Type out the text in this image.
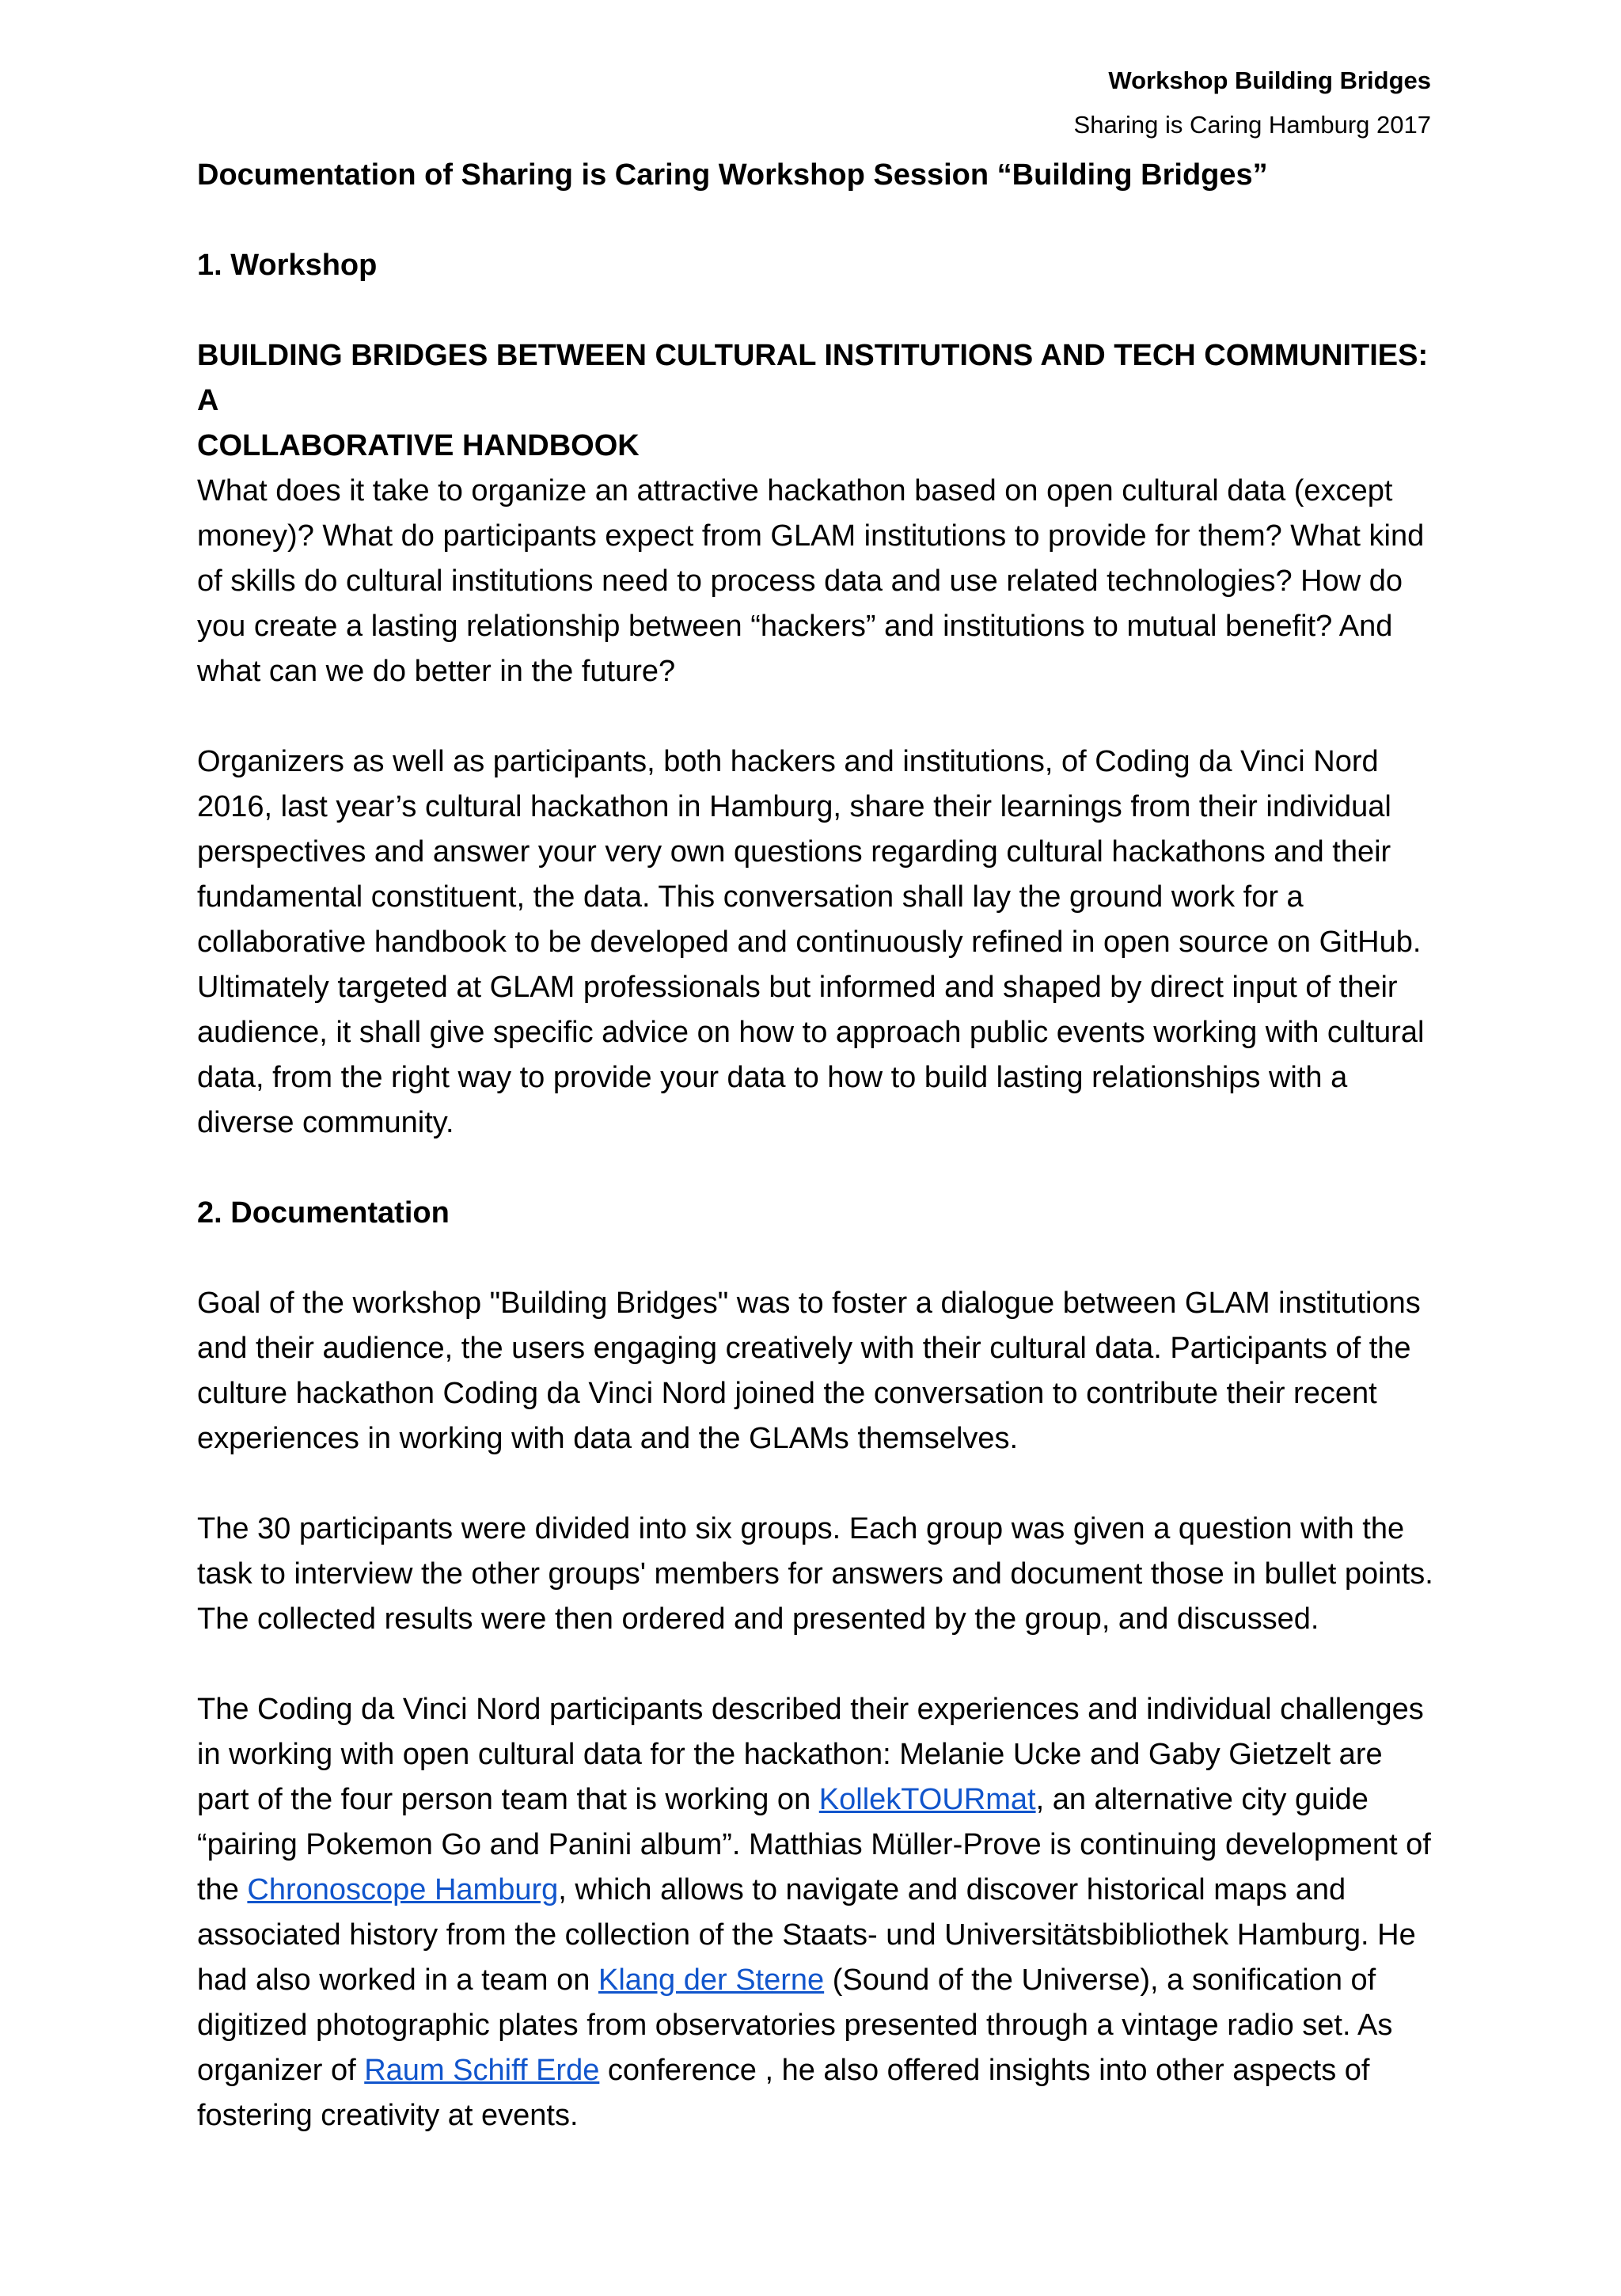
Workshop Building Bridges
Sharing is Caring Hamburg 2017

Documentation of Sharing is Caring Workshop Session “Building Bridges”

1. Workshop

BUILDING BRIDGES BETWEEN CULTURAL INSTITUTIONS AND TECH COMMUNITIES: A
COLLABORATIVE HANDBOOK

What does it take to organize an attractive hackathon based on open cultural data (except money)? What do participants expect from GLAM institutions to provide for them? What kind of skills do cultural institutions need to process data and use related technologies? How do you create a lasting relationship between “hackers” and institutions to mutual benefit? And what can we do better in the future?

Organizers as well as participants, both hackers and institutions, of Coding da Vinci Nord 2016, last year’s cultural hackathon in Hamburg, share their learnings from their individual perspectives and answer your very own questions regarding cultural hackathons and their fundamental constituent, the data. This conversation shall lay the ground work for a collaborative handbook to be developed and continuously refined in open source on GitHub. Ultimately targeted at GLAM professionals but informed and shaped by direct input of their audience, it shall give specific advice on how to approach public events working with cultural data, from the right way to provide your data to how to build lasting relationships with a diverse community.

2. Documentation

Goal of the workshop "Building Bridges" was to foster a dialogue between GLAM institutions and their audience, the users engaging creatively with their cultural data. Participants of the culture hackathon Coding da Vinci Nord joined the conversation to contribute their recent experiences in working with data and the GLAMs themselves.

The 30 participants were divided into six groups. Each group was given a question with the task to interview the other groups' members for answers and document those in bullet points. The collected results were then ordered and presented by the group, and discussed.

The Coding da Vinci Nord participants described their experiences and individual challenges in working with open cultural data for the hackathon: Melanie Ucke and Gaby Gietzelt are part of the four person team that is working on KollekTOURmat, an alternative city guide “pairing Pokemon Go and Panini album”. Matthias Müller-Prove is continuing development of the Chronoscope Hamburg, which allows to navigate and discover historical maps and associated history from the collection of the Staats- und Universitätsbibliothek Hamburg. He had also worked in a team on Klang der Sterne (Sound of the Universe), a sonification of digitized photographic plates from observatories presented through a vintage radio set. As organizer of Raum Schiff Erde conference , he also offered insights into other aspects of fostering creativity at events.
